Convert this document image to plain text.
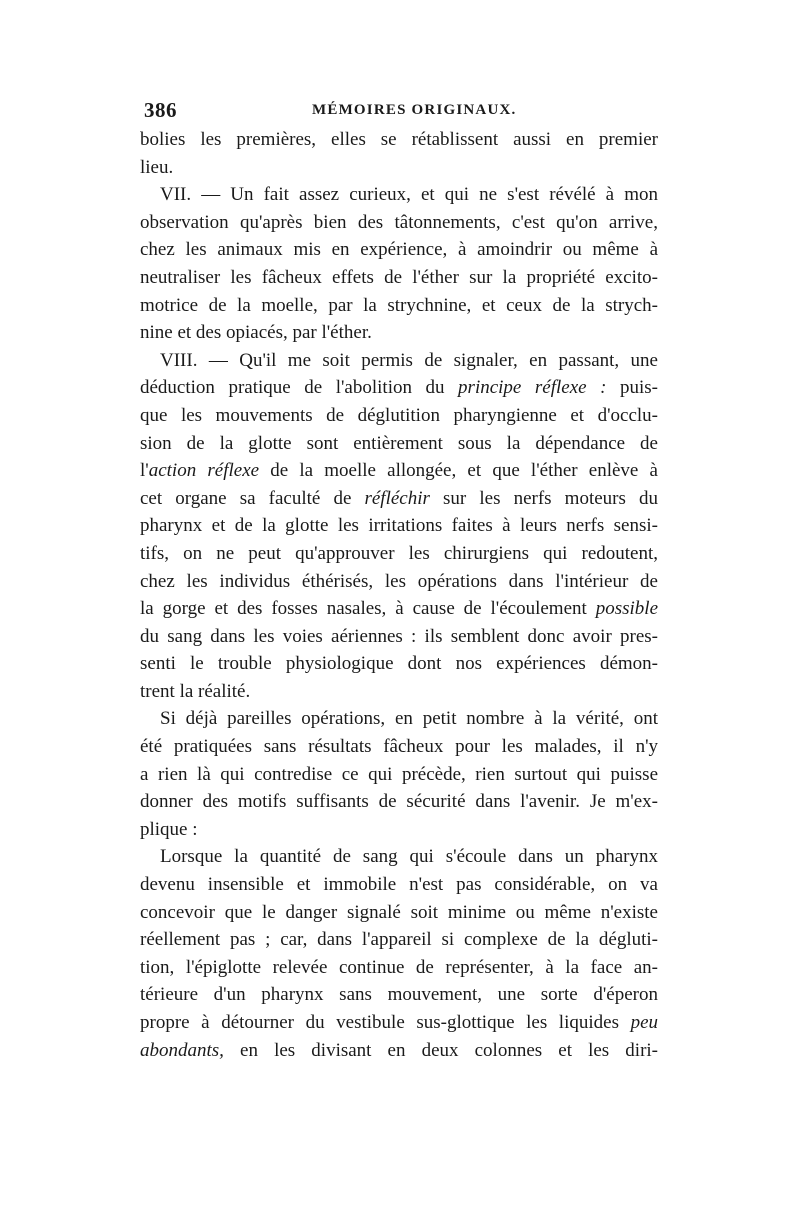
386	MÉMOIRES ORIGINAUX.
bolies les premières, elles se rétablissent aussi en premier
lieu.
VII. — Un fait assez curieux, et qui ne s'est révélé à mon
observation qu'après bien des tâtonnements, c'est qu'on arrive,
chez les animaux mis en expérience, à amoindrir ou même à
neutraliser les fâcheux effets de l'éther sur la propriété excito-
motrice de la moelle, par la strychnine, et ceux de la strych-
nine et des opiacés, par l'éther.
VIII. — Qu'il me soit permis de signaler, en passant, une
déduction pratique de l'abolition du principe réflexe : puis-
que les mouvements de déglutition pharyngienne et d'occlu-
sion de la glotte sont entièrement sous la dépendance de
l'action réflexe de la moelle allongée, et que l'éther enlève à
cet organe sa faculté de réfléchir sur les nerfs moteurs du
pharynx et de la glotte les irritations faites à leurs nerfs sensi-
tifs, on ne peut qu'approuver les chirurgiens qui redoutent,
chez les individus éthérisés, les opérations dans l'intérieur de
la gorge et des fosses nasales, à cause de l'écoulement possible
du sang dans les voies aériennes : ils semblent donc avoir pres-
senti le trouble physiologique dont nos expériences démon-
trent la réalité.
Si déjà pareilles opérations, en petit nombre à la vérité, ont
été pratiquées sans résultats fâcheux pour les malades, il n'y
a rien là qui contredise ce qui précède, rien surtout qui puisse
donner des motifs suffisants de sécurité dans l'avenir. Je m'ex-
plique :
Lorsque la quantité de sang qui s'écoule dans un pharynx
devenu insensible et immobile n'est pas considérable, on va
concevoir que le danger signalé soit minime ou même n'existe
réellement pas ; car, dans l'appareil si complexe de la dégluti-
tion, l'épiglotte relevée continue de représenter, à la face an-
térieure d'un pharynx sans mouvement, une sorte d'éperon
propre à détourner du vestibule sus-glottique les liquides peu
abondants, en les divisant en deux colonnes et les diri-
